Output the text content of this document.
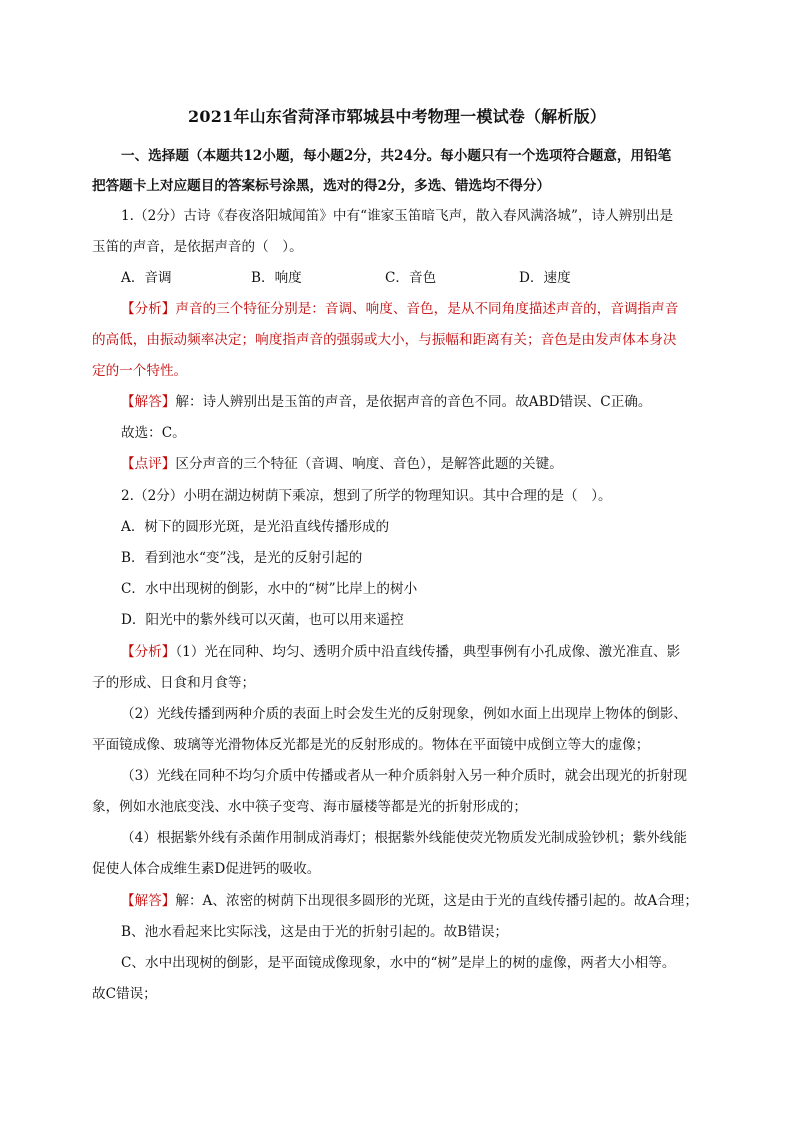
2021年山东省菏泽市郓城县中考物理一模试卷（解析版）
一、选择题（本题共12小题，每小题2分，共24分。每小题只有一个选项符合题意，用铅笔
把答题卡上对应题目的答案标号涂黑，选对的得2分，多选、错选均不得分）
1.（2分）古诗《春夜洛阳城闻笛》中有“谁家玉笛暗飞声，散入春风满洛城”，诗人辨别出是
玉笛的声音，是依据声音的（　）。
A．音调	B．响度	C．音色	D．速度
【分析】声音的三个特征分别是：音调、响度、音色，是从不同角度描述声音的，音调指声音
的高低，由振动频率决定；响度指声音的强弱或大小，与振幅和距离有关；音色是由发声体本身决
定的一个特性。
【解答】解：诗人辨别出是玉笛的声音，是依据声音的音色不同。故ABD错误、C正确。
故选：C。
【点评】区分声音的三个特征（音调、响度、音色），是解答此题的关键。
2.（2分）小明在湖边树荫下乘凉，想到了所学的物理知识。其中合理的是（　）。
A．树下的圆形光斑，是光沿直线传播形成的
B．看到池水“变”浅，是光的反射引起的
C．水中出现树的倒影，水中的“树”比岸上的树小
D．阳光中的紫外线可以灭菌，也可以用来遥控
【分析】（1）光在同种、均匀、透明介质中沿直线传播，典型事例有小孔成像、激光准直、影
子的形成、日食和月食等；
（2）光线传播到两种介质的表面上时会发生光的反射现象，例如水面上出现岸上物体的倒影、
平面镜成像、玻璃等光滑物体反光都是光的反射形成的。物体在平面镜中成倒立等大的虚像；
（3）光线在同种不均匀介质中传播或者从一种介质斜射入另一种介质时，就会出现光的折射现
象，例如水池底变浅、水中筷子变弯、海市蜃楼等都是光的折射形成的；
（4）根据紫外线有杀菌作用制成消毒灯；根据紫外线能使荧光物质发光制成验钞机；紫外线能
促使人体合成维生素D促进钙的吸收。
【解答】解：A、浓密的树荫下出现很多圆形的光斑，这是由于光的直线传播引起的。故A合理；
B、池水看起来比实际浅，这是由于光的折射引起的。故B错误；
C、水中出现树的倒影，是平面镜成像现象，水中的“树”是岸上的树的虚像，两者大小相等。
故C错误；
